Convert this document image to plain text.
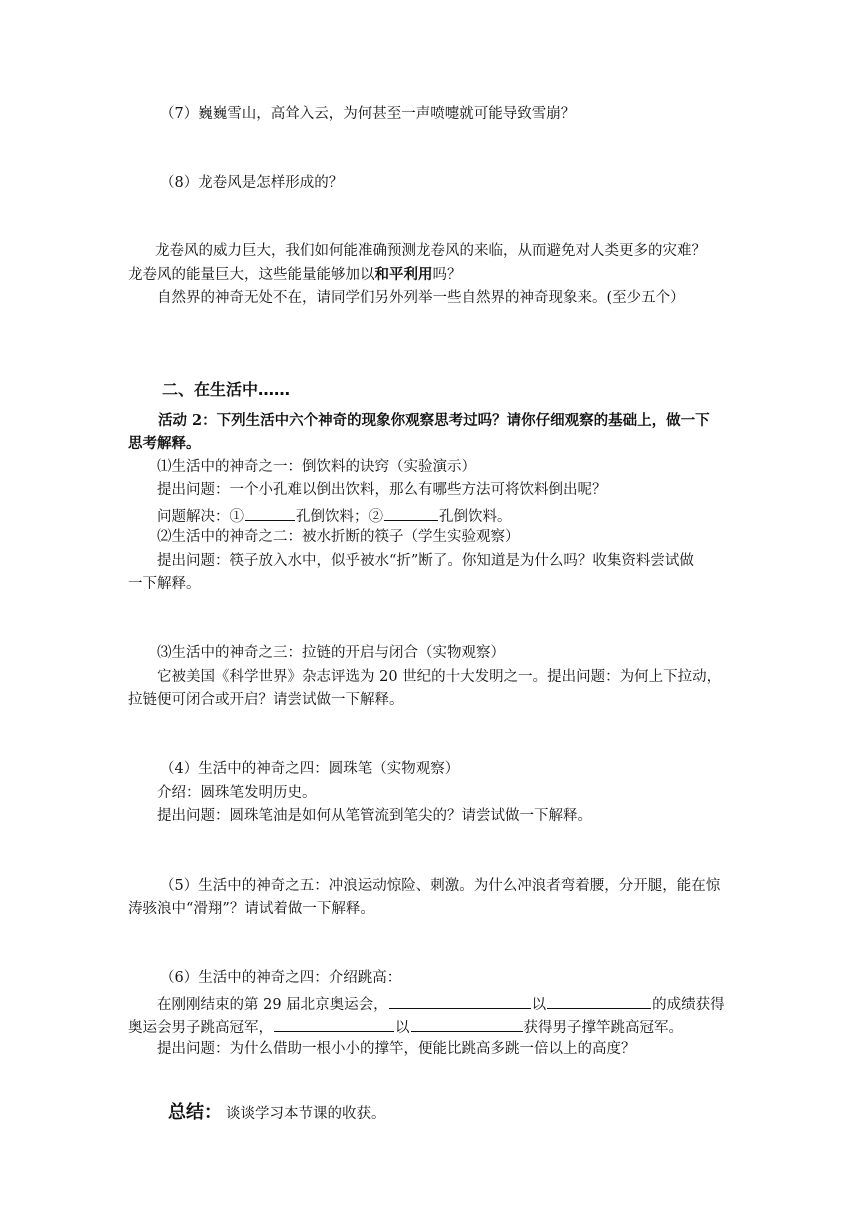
（7）巍巍雪山，高耸入云，为何甚至一声喷嚏就可能导致雪崩？
（8）龙卷风是怎样形成的？
龙卷风的威力巨大，我们如何能准确预测龙卷风的来临，从而避免对人类更多的灾难？
龙卷风的能量巨大，这些能量能够加以和平利用吗？
自然界的神奇无处不在，请同学们另外列举一些自然界的神奇现象来。(至少五个）
二、在生活中……
活动 2：下列生活中六个神奇的现象你观察思考过吗？请你仔细观察的基础上，做一下
思考解释。
⑴生活中的神奇之一：倒饮料的诀窍（实验演示）
提出问题：一个小孔难以倒出饮料，那么有哪些方法可将饮料倒出呢？
问题解决：①	孔倒饮料；②	孔倒饮料。
⑵生活中的神奇之二：被水折断的筷子（学生实验观察）
提出问题：筷子放入水中，似乎被水“折”断了。你知道是为什么吗？收集资料尝试做
一下解释。
⑶生活中的神奇之三：拉链的开启与闭合（实物观察）
它被美国《科学世界》杂志评选为 20 世纪的十大发明之一。提出问题：为何上下拉动，
拉链便可闭合或开启？请尝试做一下解释。
（4）生活中的神奇之四：圆珠笔（实物观察）
介绍：圆珠笔发明历史。
提出问题：圆珠笔油是如何从笔管流到笔尖的？请尝试做一下解释。
（5）生活中的神奇之五：冲浪运动惊险、刺激。为什么冲浪者弯着腰，分开腿，能在惊
涛骇浪中“滑翔”？请试着做一下解释。
（6）生活中的神奇之四：介绍跳高：
在刚刚结束的第 29 届北京奥运会，	以	的成绩获得
奥运会男子跳高冠军，	以	获得男子撑竿跳高冠军。
提出问题：为什么借助一根小小的撑竿，便能比跳高多跳一倍以上的高度？
总结： 谈谈学习本节课的收获。
